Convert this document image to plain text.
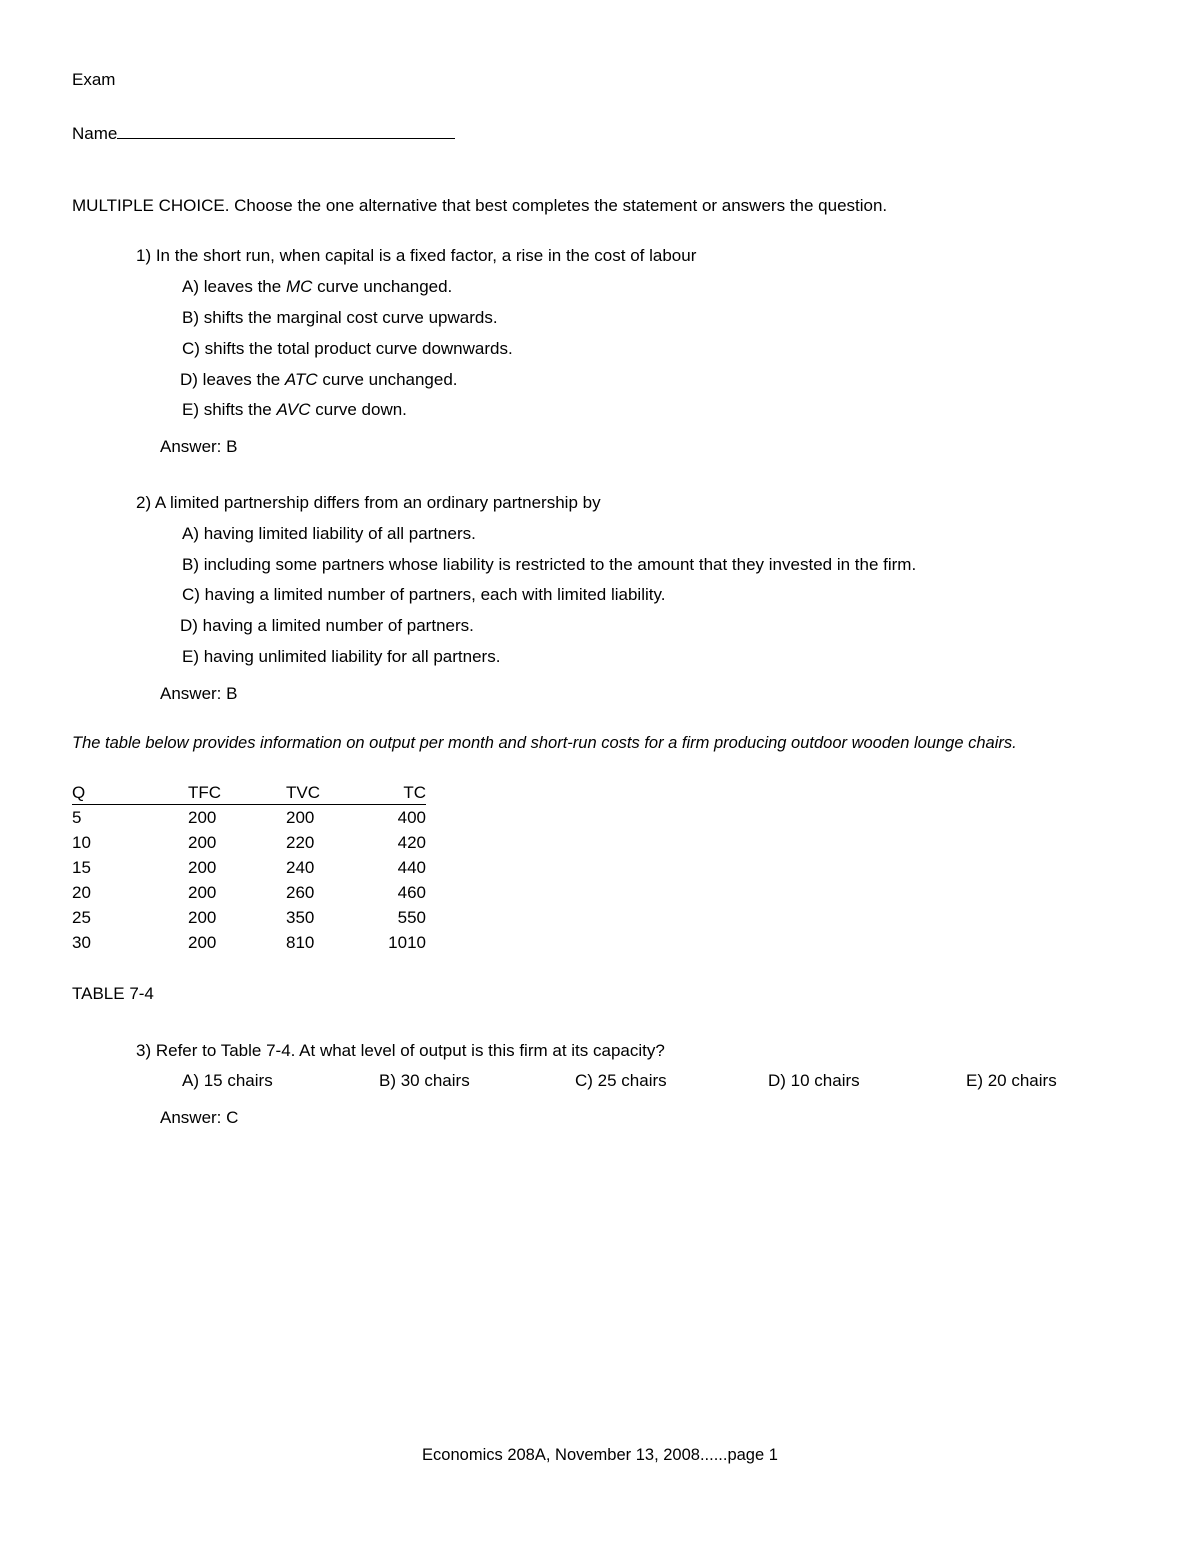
Exam
Name
MULTIPLE CHOICE. Choose the one alternative that best completes the statement or answers the question.
1) In the short run, when capital is a fixed factor, a rise in the cost of labour
A) leaves the MC curve unchanged.
B) shifts the marginal cost curve upwards.
C) shifts the total product curve downwards.
D) leaves the ATC curve unchanged.
E) shifts the AVC curve down.
Answer: B
2) A limited partnership differs from an ordinary partnership by
A) having limited liability of all partners.
B) including some partners whose liability is restricted to the amount that they invested in the firm.
C) having a limited number of partners, each with limited liability.
D) having a limited number of partners.
E) having unlimited liability for all partners.
Answer: B
The table below provides information on output per month and short-run costs for a firm producing outdoor wooden lounge chairs.
Q	TFC	TVC	TC
5	200	200	400
10	200	220	420
15	200	240	440
20	200	260	460
25	200	350	550
30	200	810	1010
TABLE 7-4
3) Refer to Table 7-4. At what level of output is this firm at its capacity?
A) 15 chairs	B) 30 chairs	C) 25 chairs	D) 10 chairs	E) 20 chairs
Answer: C
Economics 208A, November 13, 2008......page 1
